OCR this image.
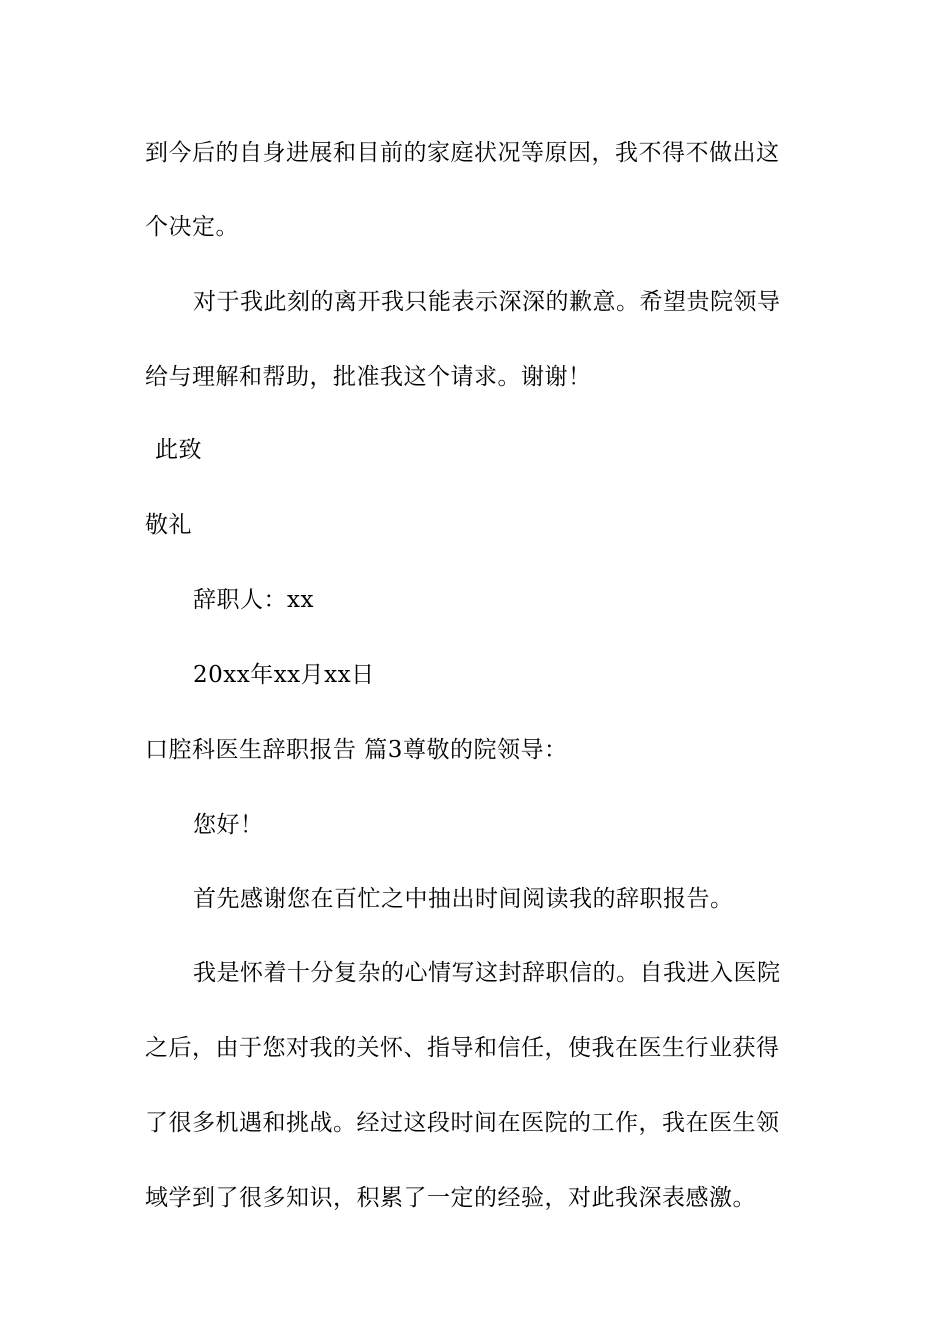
到今后的自身进展和目前的家庭状况等原因，我不得不做出这
个决定。
对于我此刻的离开我只能表示深深的歉意。希望贵院领导
给与理解和帮助，批准我这个请求。谢谢！
此致
敬礼
辞职人：xx
20xx年xx月xx日
口腔科医生辞职报告 篇3尊敬的院领导：
您好！
首先感谢您在百忙之中抽出时间阅读我的辞职报告。
我是怀着十分复杂的心情写这封辞职信的。自我进入医院
之后，由于您对我的关怀、指导和信任，使我在医生行业获得
了很多机遇和挑战。经过这段时间在医院的工作，我在医生领
域学到了很多知识，积累了一定的经验，对此我深表感激。
